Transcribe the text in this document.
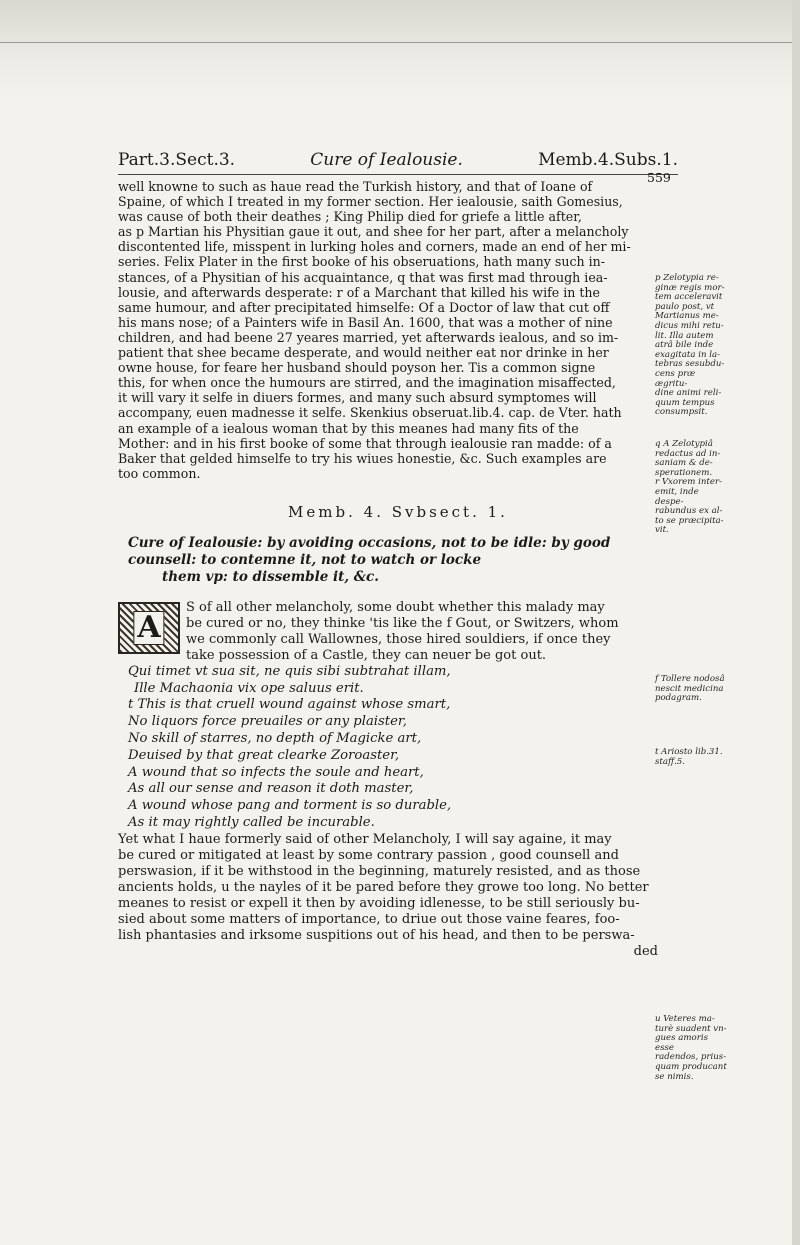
Part.3.Sect.3.	Cure of Iealousie.	Memb.4.Subs.1.

well knowne to such as haue read the Turkish history, and that of Ioane of

Spaine, of which I treated in my former section. Her iealousie, saith Gomesius,

was cause of both their deathes ; King Philip died for griefe a little after,

as p Martian his Physitian gaue it out, and shee for her part, after a melancholy

discontented life, misspent in lurking holes and corners, made an end of her mi-

series. Felix Plater in the first booke of his obseruations, hath many such in-

stances, of a Physitian of his acquaintance, q that was first mad through iea-

lousie, and afterwards desperate: r of a Marchant that killed his wife in the

same humour, and after precipitated himselfe: Of a Doctor of law that cut off

his mans nose; of a Painters wife in Basil An. 1600, that was a mother of nine

children, and had beene 27 yeares married, yet afterwards iealous, and so im-

patient that shee became desperate, and would neither eat nor drinke in her

owne house, for feare her husband should poyson her. Tis a common signe

this, for when once the humours are stirred, and the imagination misaffected,

it will vary it selfe in diuers formes, and many such absurd symptomes will

accompany, euen madnesse it selfe. Skenkius obseruat.lib.4. cap. de Vter. hath

an example of a iealous woman that by this meanes had many fits of the

Mother: and in his first booke of some that through iealousie ran madde: of a

Baker that gelded himselfe to try his wiues honestie, &c. Such examples are

too common.

Memb. 4. Svbsect. 1.
Cure of Iealousie: by avoiding occasions, not to be idle: by good
counsell: to contemne it, not to watch or locke
them vp: to dissemble it, &c.
A
S of all other melancholy, some doubt whether this malady may
be cured or no, they thinke 'tis like the f Gout, or Switzers, whom
we commonly call Wallownes, those hired souldiers, if once they
take possession of a Castle, they can neuer be got out.
Qui timet vt sua sit, ne quis sibi subtrahat illam,
Ille Machaonia vix ope saluus erit.
t This is that cruell wound against whose smart,
No liquors force preuailes or any plaister,
No skill of starres, no depth of Magicke art,
Deuised by that great clearke Zoroaster,
A wound that so infects the soule and heart,
As all our sense and reason it doth master,
A wound whose pang and torment is so durable,
As it may rightly called be incurable.
Yet what I haue formerly said of other Melancholy, I will say againe, it may
be cured or mitigated at least by some contrary passion , good counsell and
perswasion, if it be withstood in the beginning, maturely resisted, and as those
ancients holds, u the nayles of it be pared before they growe too long. No better
meanes to resist or expell it then by avoiding idlenesse, to be still seriously bu-
sied about some matters of importance, to driue out those vaine feares, foo-
lish phantasies and irksome suspitions out of his head, and then to be perswa-
ded
559
p Zelotypia re-
ginæ regis mor-
tem acceleravit
paulo post, vt
Martianus me-
dicus mihi retu-
lit. Illa autem
atrâ bile inde
exagitata in la-
tebras sesubdu-
cens præ ægritu-
dine animi reli-
quum tempus
consumpsit.
q A Zelotypiâ
redactus ad in-
saniam & de-
sperationem.
r Vxorem inter-
emit, inde despe-
rabundus ex al-
to se præcipita-
vit.
f Tollere nodosâ
nescit medicina
podagram.
t Ariosto lib.31.
staff.5.
u Veteres ma-
turè suadent vn-
gues amoris esse
radendos, prius-
quam producant
se nimis.
